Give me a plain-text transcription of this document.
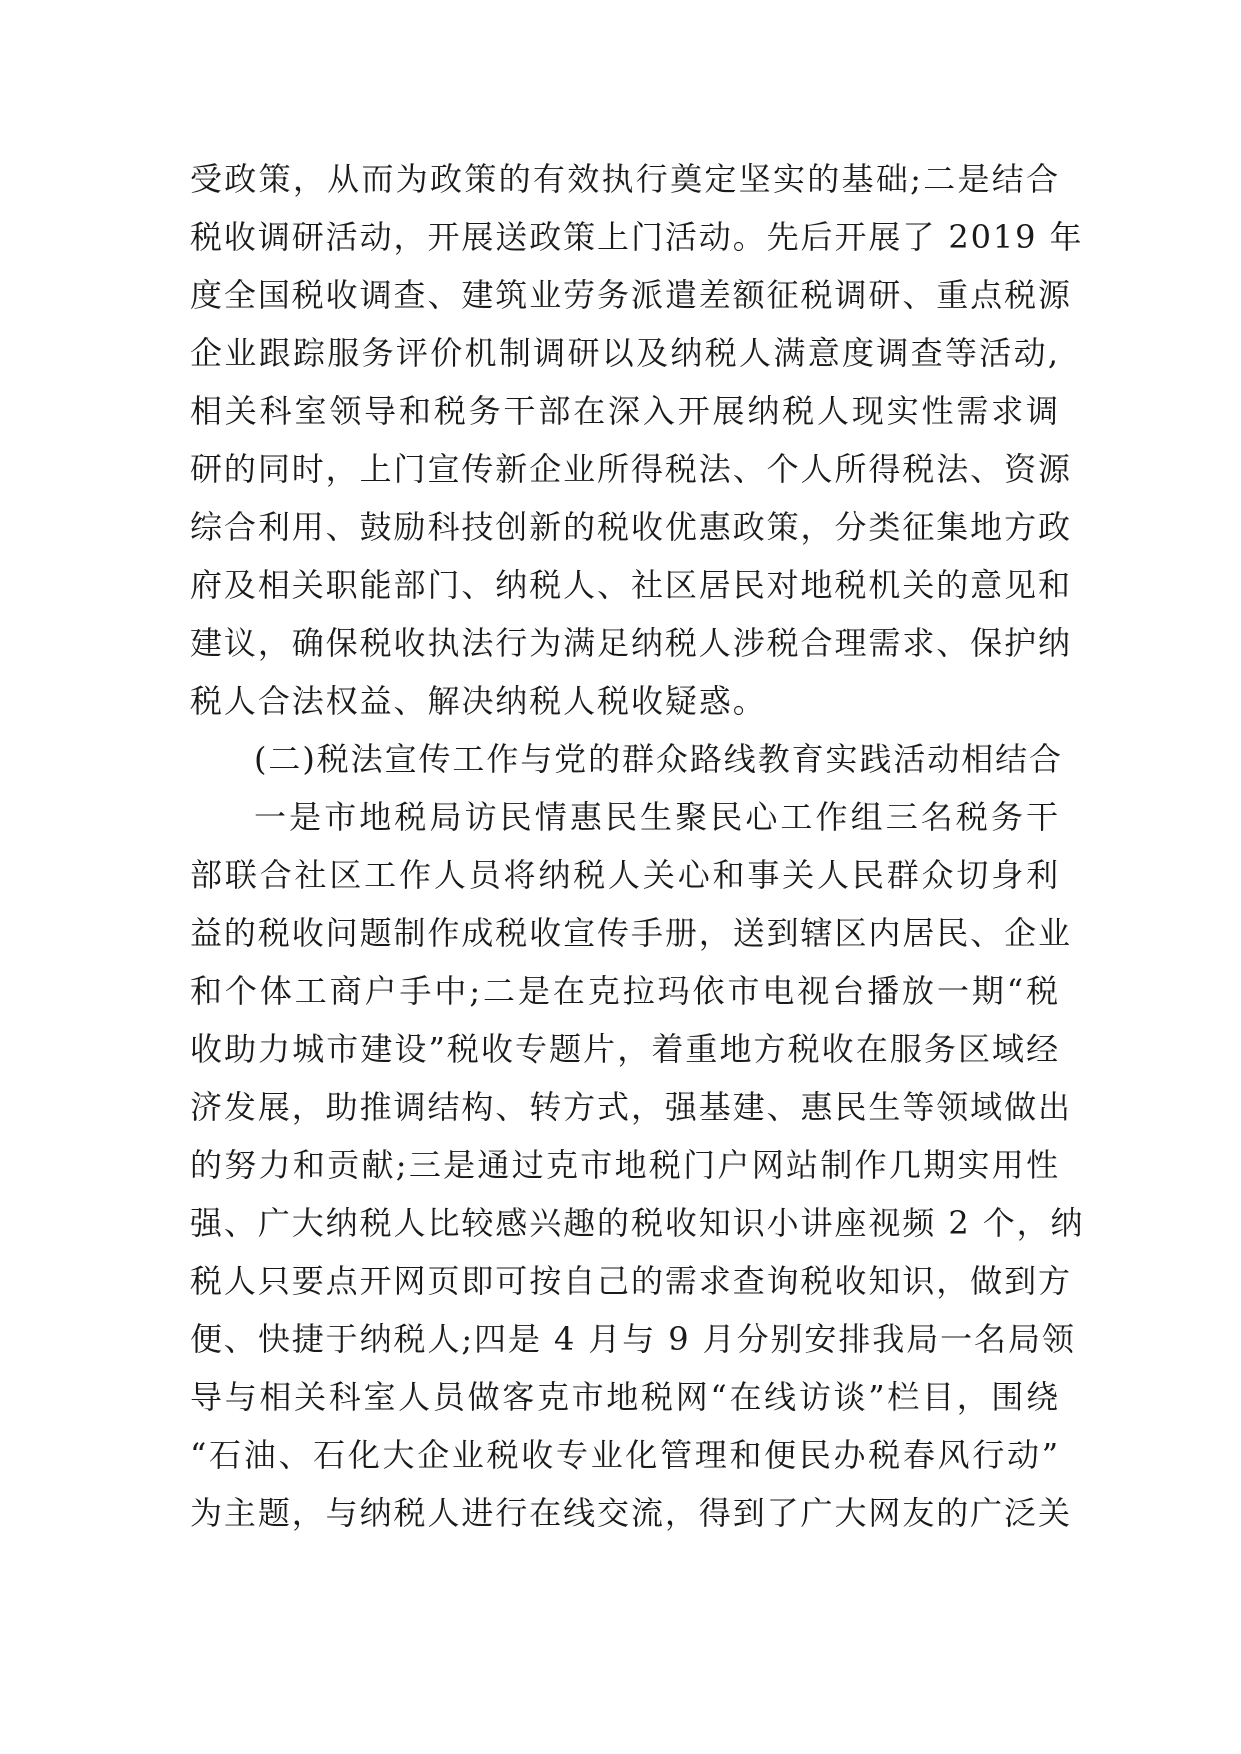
受政策，从而为政策的有效执行奠定坚实的基础;二是结合
税收调研活动，开展送政策上门活动。先后开展了 2019 年
度全国税收调查、建筑业劳务派遣差额征税调研、重点税源
企业跟踪服务评价机制调研以及纳税人满意度调查等活动,
相关科室领导和税务干部在深入开展纳税人现实性需求调
研的同时，上门宣传新企业所得税法、个人所得税法、资源
综合利用、鼓励科技创新的税收优惠政策，分类征集地方政
府及相关职能部门、纳税人、社区居民对地税机关的意见和
建议，确保税收执法行为满足纳税人涉税合理需求、保护纳
税人合法权益、解决纳税人税收疑惑。
(二)税法宣传工作与党的群众路线教育实践活动相结合
一是市地税局访民情惠民生聚民心工作组三名税务干
部联合社区工作人员将纳税人关心和事关人民群众切身利
益的税收问题制作成税收宣传手册，送到辖区内居民、企业
和个体工商户手中;二是在克拉玛依市电视台播放一期“税
收助力城市建设”税收专题片，着重地方税收在服务区域经
济发展，助推调结构、转方式，强基建、惠民生等领域做出
的努力和贡献;三是通过克市地税门户网站制作几期实用性
强、广大纳税人比较感兴趣的税收知识小讲座视频 2 个，纳
税人只要点开网页即可按自己的需求查询税收知识，做到方
便、快捷于纳税人;四是 4 月与 9 月分别安排我局一名局领
导与相关科室人员做客克市地税网“在线访谈”栏目，围绕
“石油、石化大企业税收专业化管理和便民办税春风行动”
为主题，与纳税人进行在线交流，得到了广大网友的广泛关
